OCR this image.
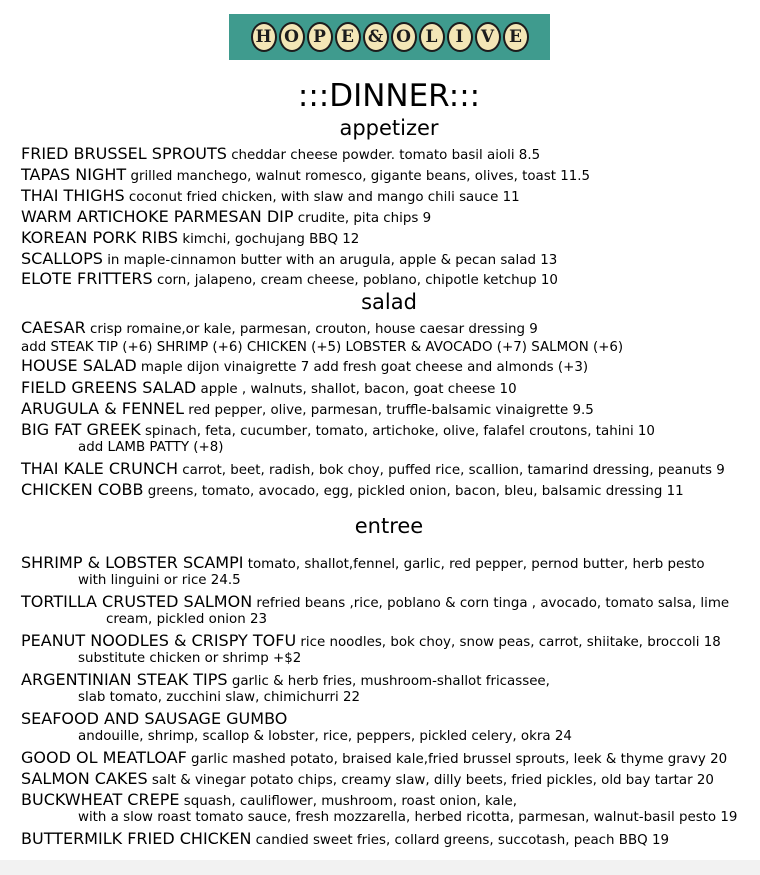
H O P E & O L	I	V E
:::DINNER:::
appetizer
FRIED BRUSSEL SPROUTS cheddar cheese powder. tomato basil aioli 8.5
TAPAS NIGHT grilled manchego, walnut romesco, gigante beans, olives, toast 11.5
THAI THIGHS coconut fried chicken, with slaw and mango chili sauce 11
WARM ARTICHOKE PARMESAN DIP crudite, pita chips 9
KOREAN PORK RIBS kimchi, gochujang BBQ 12
SCALLOPS in maple-cinnamon butter with an arugula, apple & pecan salad 13
ELOTE FRITTERS corn, jalapeno, cream cheese, poblano, chipotle ketchup 10
salad
CAESAR crisp romaine,or kale, parmesan, crouton, house caesar dressing 9
add STEAK TIP (+6) SHRIMP (+6) CHICKEN (+5) LOBSTER & AVOCADO (+7) SALMON (+6)
HOUSE SALAD maple dijon vinaigrette 7 add fresh goat cheese and almonds (+3)
FIELD GREENS SALAD apple , walnuts, shallot, bacon, goat cheese 10
ARUGULA & FENNEL red pepper, olive, parmesan, truffle-balsamic vinaigrette 9.5
BIG FAT GREEK spinach, feta, cucumber, tomato, artichoke, olive, falafel croutons, tahini 10
add LAMB PATTY (+8)
THAI KALE CRUNCH carrot, beet, radish, bok choy, puffed rice, scallion, tamarind dressing, peanuts 9
CHICKEN COBB greens, tomato, avocado, egg, pickled onion, bacon, bleu, balsamic dressing 11
entree
SHRIMP & LOBSTER SCAMPI tomato, shallot,fennel, garlic, red pepper, pernod butter, herb pesto
with linguini or rice 24.5
TORTILLA CRUSTED SALMON refried beans ,rice, poblano & corn tinga , avocado, tomato salsa, lime
cream, pickled onion 23
PEANUT NOODLES & CRISPY TOFU rice noodles, bok choy, snow peas, carrot, shiitake, broccoli 18
substitute chicken or shrimp +$2
ARGENTINIAN STEAK TIPS garlic & herb fries, mushroom-shallot fricassee,
slab tomato, zucchini slaw, chimichurri 22
SEAFOOD AND SAUSAGE GUMBO
andouille, shrimp, scallop & lobster, rice, peppers, pickled celery, okra 24
GOOD OL MEATLOAF garlic mashed potato, braised kale,fried brussel sprouts, leek & thyme gravy 20
SALMON CAKES salt & vinegar potato chips, creamy slaw, dilly beets, fried pickles, old bay tartar 20
BUCKWHEAT CREPE squash, cauliflower, mushroom, roast onion, kale,
with a slow roast tomato sauce, fresh mozzarella, herbed ricotta, parmesan, walnut-basil pesto 19
BUTTERMILK FRIED CHICKEN candied sweet fries, collard greens, succotash, peach BBQ 19
